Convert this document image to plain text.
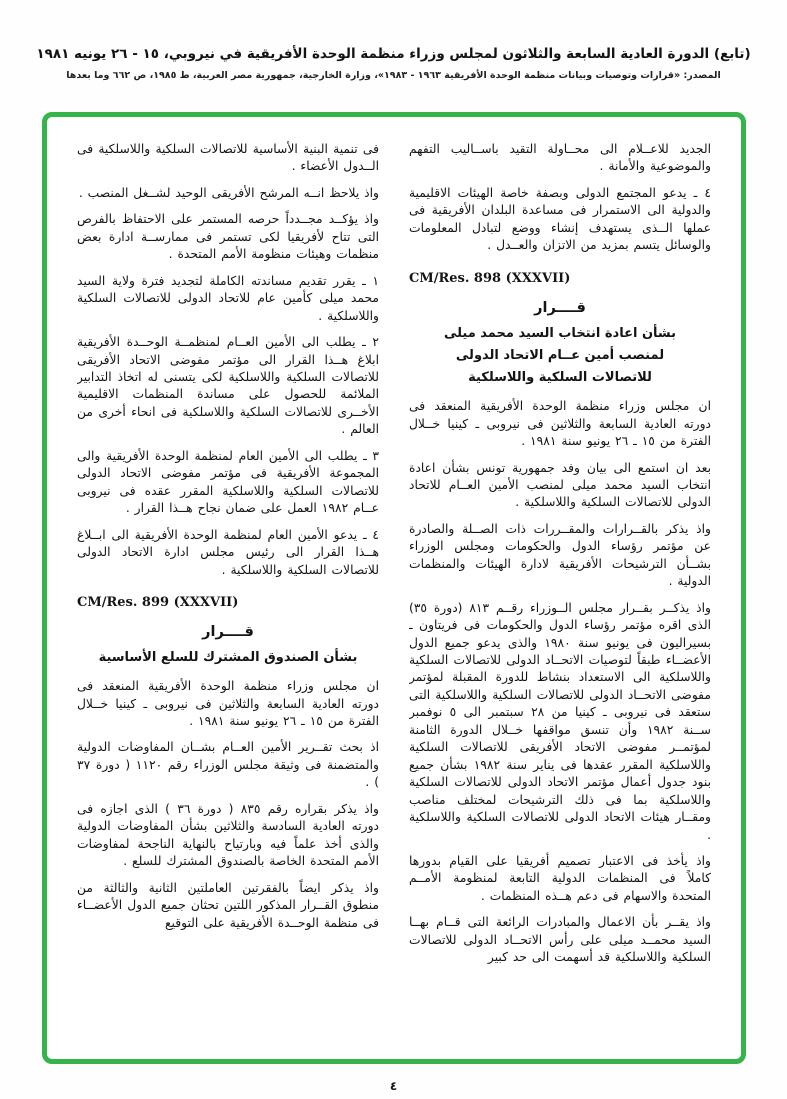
(تابع) الدورة العادية السابعة والثلاثون لمجلس وزراء منظمة الوحدة الأفريقية في نيروبي، ١٥ - ٢٦ يونيه ١٩٨١
المصدر: «قرارات وتوصيات وبيانات منظمة الوحدة الأفريقية ١٩٦٣ - ١٩٨٣»، وزارة الخارجية، جمهورية مصر العربية، ط ١٩٨٥، ص ٦٦٢ وما بعدها

الجديد للاعــلام الى محــاولة التقيد باســاليب التفهم والموضوعية والأمانة .

٤ ـ يدعو المجتمع الدولى وبصفة خاصة الهيئات الاقليمية والدولية الى الاستمرار فى مساعدة البلدان الأفريقية فى عملها الــذى يستهدف إنشاء ووضع لتبادل المعلومات والوسائل يتسم بمزيد من الاتزان والعــدل .

CM/Res. 898 (XXXVII)

قــــرار

بشأن اعادة انتخاب السيد محمد ميلى

لمنصب أمين عــام الاتحاد الدولى

للاتصالات السلكية واللاسلكية

ان مجلس وزراء منظمة الوحدة الأفريقية المنعقد فى دورته العادية السابعة والثلاثين فى نيروبى ـ كينيا خــلال الفترة من ١٥ ـ ٢٦ يونيو سنة ١٩٨١ .

بعد ان استمع الى بيان وفد جمهورية تونس بشأن اعادة انتخاب السيد محمد ميلى لمنصب الأمين العــام للاتحاد الدولى للاتصالات السلكية واللاسلكية .

واذ يذكر بالقــرارات والمقــررات ذات الصــلة والصادرة عن مؤتمر رؤساء الدول والحكومات ومجلس الوزراء بشــأن الترشيحات الأفريقية لادارة الهيئات والمنظمات الدولية .

واذ يذكــر بقــرار مجلس الــوزراء رقــم ٨١٣ (دورة ٣٥) الذى اقره مؤتمر رؤساء الدول والحكومات فى فريتاون ـ بسيراليون فى يونيو سنة ١٩٨٠ والذى يدعو جميع الدول الأعضــاء طبقاً لتوصيات الاتحــاد الدولى للاتصالات السلكية واللاسلكية الى الاستعداد بنشاط للدورة المقبلة لمؤتمر مفوضى الاتحــاد الدولى للاتصالات السلكية واللاسلكية التى ستعقد فى نيروبى ـ كينيا من ٢٨ سبتمبر الى ٥ نوفمبر ســنة ١٩٨٢ وأن تنسق مواقفها خــلال الدورة الثامنة لمؤتمــر مفوضى الاتحاد الأفريقى للاتصالات السلكية واللاسلكية المقرر عقدها فى يناير سنة ١٩٨٢ بشأن جميع بنود جدول أعمال مؤتمر الاتحاد الدولى للاتصالات السلكية واللاسلكية بما فى ذلك الترشيحات لمختلف مناصب ومقــار هيئات الاتحاد الدولى للاتصالات السلكية واللاسلكية .

واذ يأخذ فى الاعتبار تصميم أفريقيا على القيام بدورها كاملاً فى المنظمات الدولية التابعة لمنظومة الأمــم المتحدة والاسهام فى دعم هــذه المنظمات .

واذ يقــر بأن الاعمال والمبادرات الرائعة التى قــام بهــا السيد محمــد ميلى على رأس الاتحــاد الدولى للاتصالات السلكية واللاسلكية قد أسهمت الى حد كبير

فى تنمية البنية الأساسية للاتصالات السلكية واللاسلكية فى الــدول الأعضاء .

واذ يلاحظ انــه المرشح الأفريقى الوحيد لشــغل المنصب .

واذ يؤكــد مجــدداً حرصه المستمر على الاحتفاظ بالفرص التى تتاح لأفريقيا لكى تستمر فى ممارســة ادارة بعض منظمات وهيئات منظومة الأمم المتحدة .

١ ـ يقرر تقديم مساندته الكاملة لتجديد فترة ولاية السيد محمد ميلى كأمين عام للاتحاد الدولى للاتصالات السلكية واللاسلكية .

٢ ـ يطلب الى الأمين العــام لمنظمــة الوحــدة الأفريقية ابلاغ هــذا القرار الى مؤتمر مفوضى الاتحاد الأفريقى للاتصالات السلكية واللاسلكية لكى يتسنى له اتخاذ التدابير الملائمة للحصول على مساندة المنظمات الاقليمية الأخــرى للاتصالات السلكية واللاسلكية فى انحاء أخرى من العالم .

٣ ـ يطلب الى الأمين العام لمنظمة الوحدة الأفريقية والى المجموعة الأفريقية فى مؤتمر مفوضى الاتحاد الدولى للاتصالات السلكية واللاسلكية المقرر عقده فى نيروبى عــام ١٩٨٢ العمل على ضمان نجاح هــذا القرار .

٤ ـ يدعو الأمين العام لمنظمة الوحدة الأفريقية الى ابــلاغ هــذا القرار الى رئيس مجلس ادارة الاتحاد الدولى للاتصالات السلكية واللاسلكية .

CM/Res. 899 (XXXVII)

قــــرار

بشأن الصندوق المشترك للسلع الأساسية

ان مجلس وزراء منظمة الوحدة الأفريقية المنعقد فى دورته العادية السابعة والثلاثين فى نيروبى ـ كينيا خــلال الفترة من ١٥ ـ ٢٦ يونيو سنة ١٩٨١ .

اذ بحث تقــرير الأمين العــام بشــان المفاوضات الدولية والمتضمنة فى وثيقة مجلس الوزراء رقم ١١٢٠ ( دورة ٣٧ ) .

واذ يذكر بقراره رقم ٨٣٥ ( دورة ٣٦ ) الذى اجازه فى دورته العادية السادسة والثلاثين بشأن المفاوضات الدولية والذى أخذ علماً فيه وبارتياح بالنهاية الناجحة لمفاوضات الأمم المتحدة الخاصة بالصندوق المشترك للسلع .

واذ يذكر ايضاً بالفقرتين العاملتين الثانية والثالثة من منطوق القــرار المذكور اللتين تحثان جميع الدول الأعضــاء فى منظمة الوحــدة الأفريقية على التوقيع

٤
